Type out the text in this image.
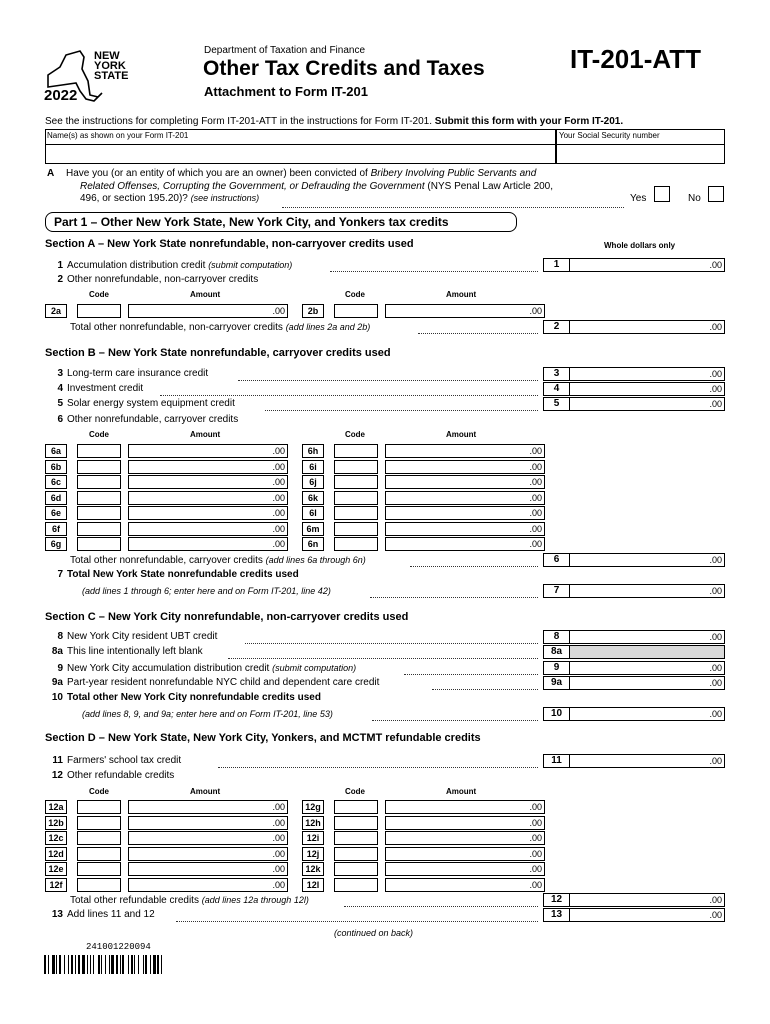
NEW
YORK
STATE
2022
Department of Taxation and Finance
Other Tax Credits and Taxes
Attachment to Form IT-201
IT-201-ATT
See the instructions for completing Form IT-201-ATT in the instructions for Form IT-201. Submit this form with your Form IT-201.
Name(s) as shown on your Form IT-201	Your Social Security number
A Have you (or an entity of which you are an owner) been convicted of Bribery Involving Public Servants and
Related Offenses, Corrupting the Government, or Defrauding the Government (NYS Penal Law Article 200,
496, or section 195.20)? (see instructions)	Yes	No
Part 1 – Other New York State, New York City, and Yonkers tax credits
Section A – New York State nonrefundable, non-carryover credits used	Whole dollars only
1 Accumulation distribution credit (submit computation)	1	.00
2 Other nonrefundable, non-carryover credits
Code	Amount	Code	Amount
2a	.00	2b	.00
Total other nonrefundable, non-carryover credits (add lines 2a and 2b)	2	.00
Section B – New York State nonrefundable, carryover credits used
3 Long-term care insurance credit	3	.00
4 Investment credit	4	.00
5 Solar energy system equipment credit	5	.00
6 Other nonrefundable, carryover credits
Code	Amount	Code	Amount
6a	.00	6h	.00
6b	.00	6i	.00
6c	.00	6j	.00
6d	.00	6k	.00
6e	.00	6l	.00
6f	.00	6m	.00
6g	.00	6n	.00
Total other nonrefundable, carryover credits (add lines 6a through 6n)	6	.00
7 Total New York State nonrefundable credits used
(add lines 1 through 6; enter here and on Form IT-201, line 42)	7	.00
Section C – New York City nonrefundable, non-carryover credits used
8 New York City resident UBT credit	8	.00
8a This line intentionally left blank	8a
9 New York City accumulation distribution credit (submit computation)	9	.00
9a Part-year resident nonrefundable NYC child and dependent care credit	9a	.00
10 Total other New York City nonrefundable credits used
(add lines 8, 9, and 9a; enter here and on Form IT-201, line 53)	10	.00
Section D – New York State, New York City, Yonkers, and MCTMT refundable credits
11 Farmers' school tax credit	11	.00
12 Other refundable credits
Code	Amount	Code	Amount
12a	.00	12g	.00
12b	.00	12h	.00
12c	.00	12i	.00
12d	.00	12j	.00
12e	.00	12k	.00
12f	.00	12l	.00
Total other refundable credits (add lines 12a through 12l)	12	.00
13 Add lines 11 and 12	13	.00
(continued on back)
241001220094
